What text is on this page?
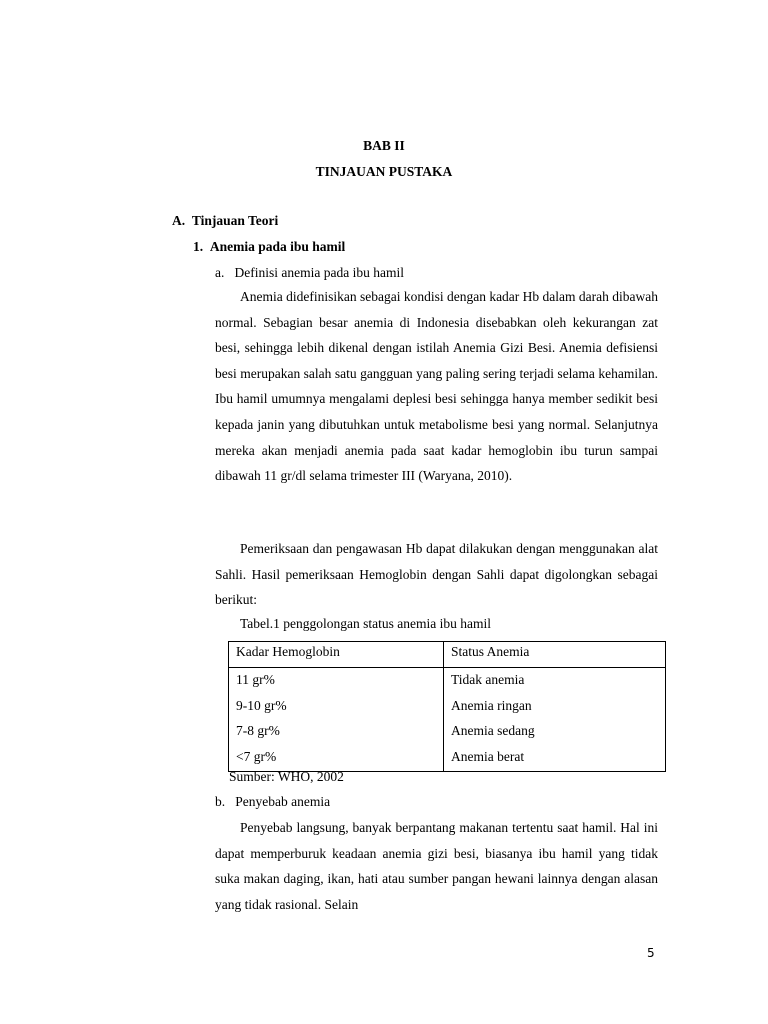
BAB II
TINJAUAN PUSTAKA
A.  Tinjauan Teori
1.  Anemia pada ibu hamil
a.   Definisi anemia pada ibu hamil

Anemia didefinisikan sebagai kondisi dengan kadar Hb dalam darah dibawah normal. Sebagian besar anemia di Indonesia disebabkan oleh kekurangan zat besi, sehingga lebih dikenal dengan istilah Anemia Gizi Besi. Anemia defisiensi besi merupakan salah satu gangguan yang paling sering terjadi selama kehamilan. Ibu hamil umumnya mengalami deplesi besi sehingga hanya member sedikit besi kepada janin yang dibutuhkan untuk metabolisme besi yang normal. Selanjutnya mereka akan menjadi anemia pada saat kadar hemoglobin ibu turun sampai dibawah 11 gr/dl selama trimester III (Waryana, 2010).

Pemeriksaan dan pengawasan Hb dapat dilakukan dengan menggunakan alat Sahli. Hasil pemeriksaan Hemoglobin dengan Sahli dapat digolongkan sebagai berikut:

Tabel.1 penggolongan status anemia ibu hamil
Kadar Hemoglobin	Status Anemia
11 gr%	Tidak anemia
9-10 gr%	Anemia ringan
7-8 gr%	Anemia sedang
<7 gr%	Anemia berat
Sumber: WHO, 2002
b.   Penyebab anemia

Penyebab langsung, banyak berpantang makanan tertentu saat hamil. Hal ini dapat memperburuk keadaan anemia gizi besi, biasanya ibu hamil yang tidak suka makan daging, ikan, hati atau sumber pangan hewani lainnya dengan alasan yang tidak rasional. Selain

5
